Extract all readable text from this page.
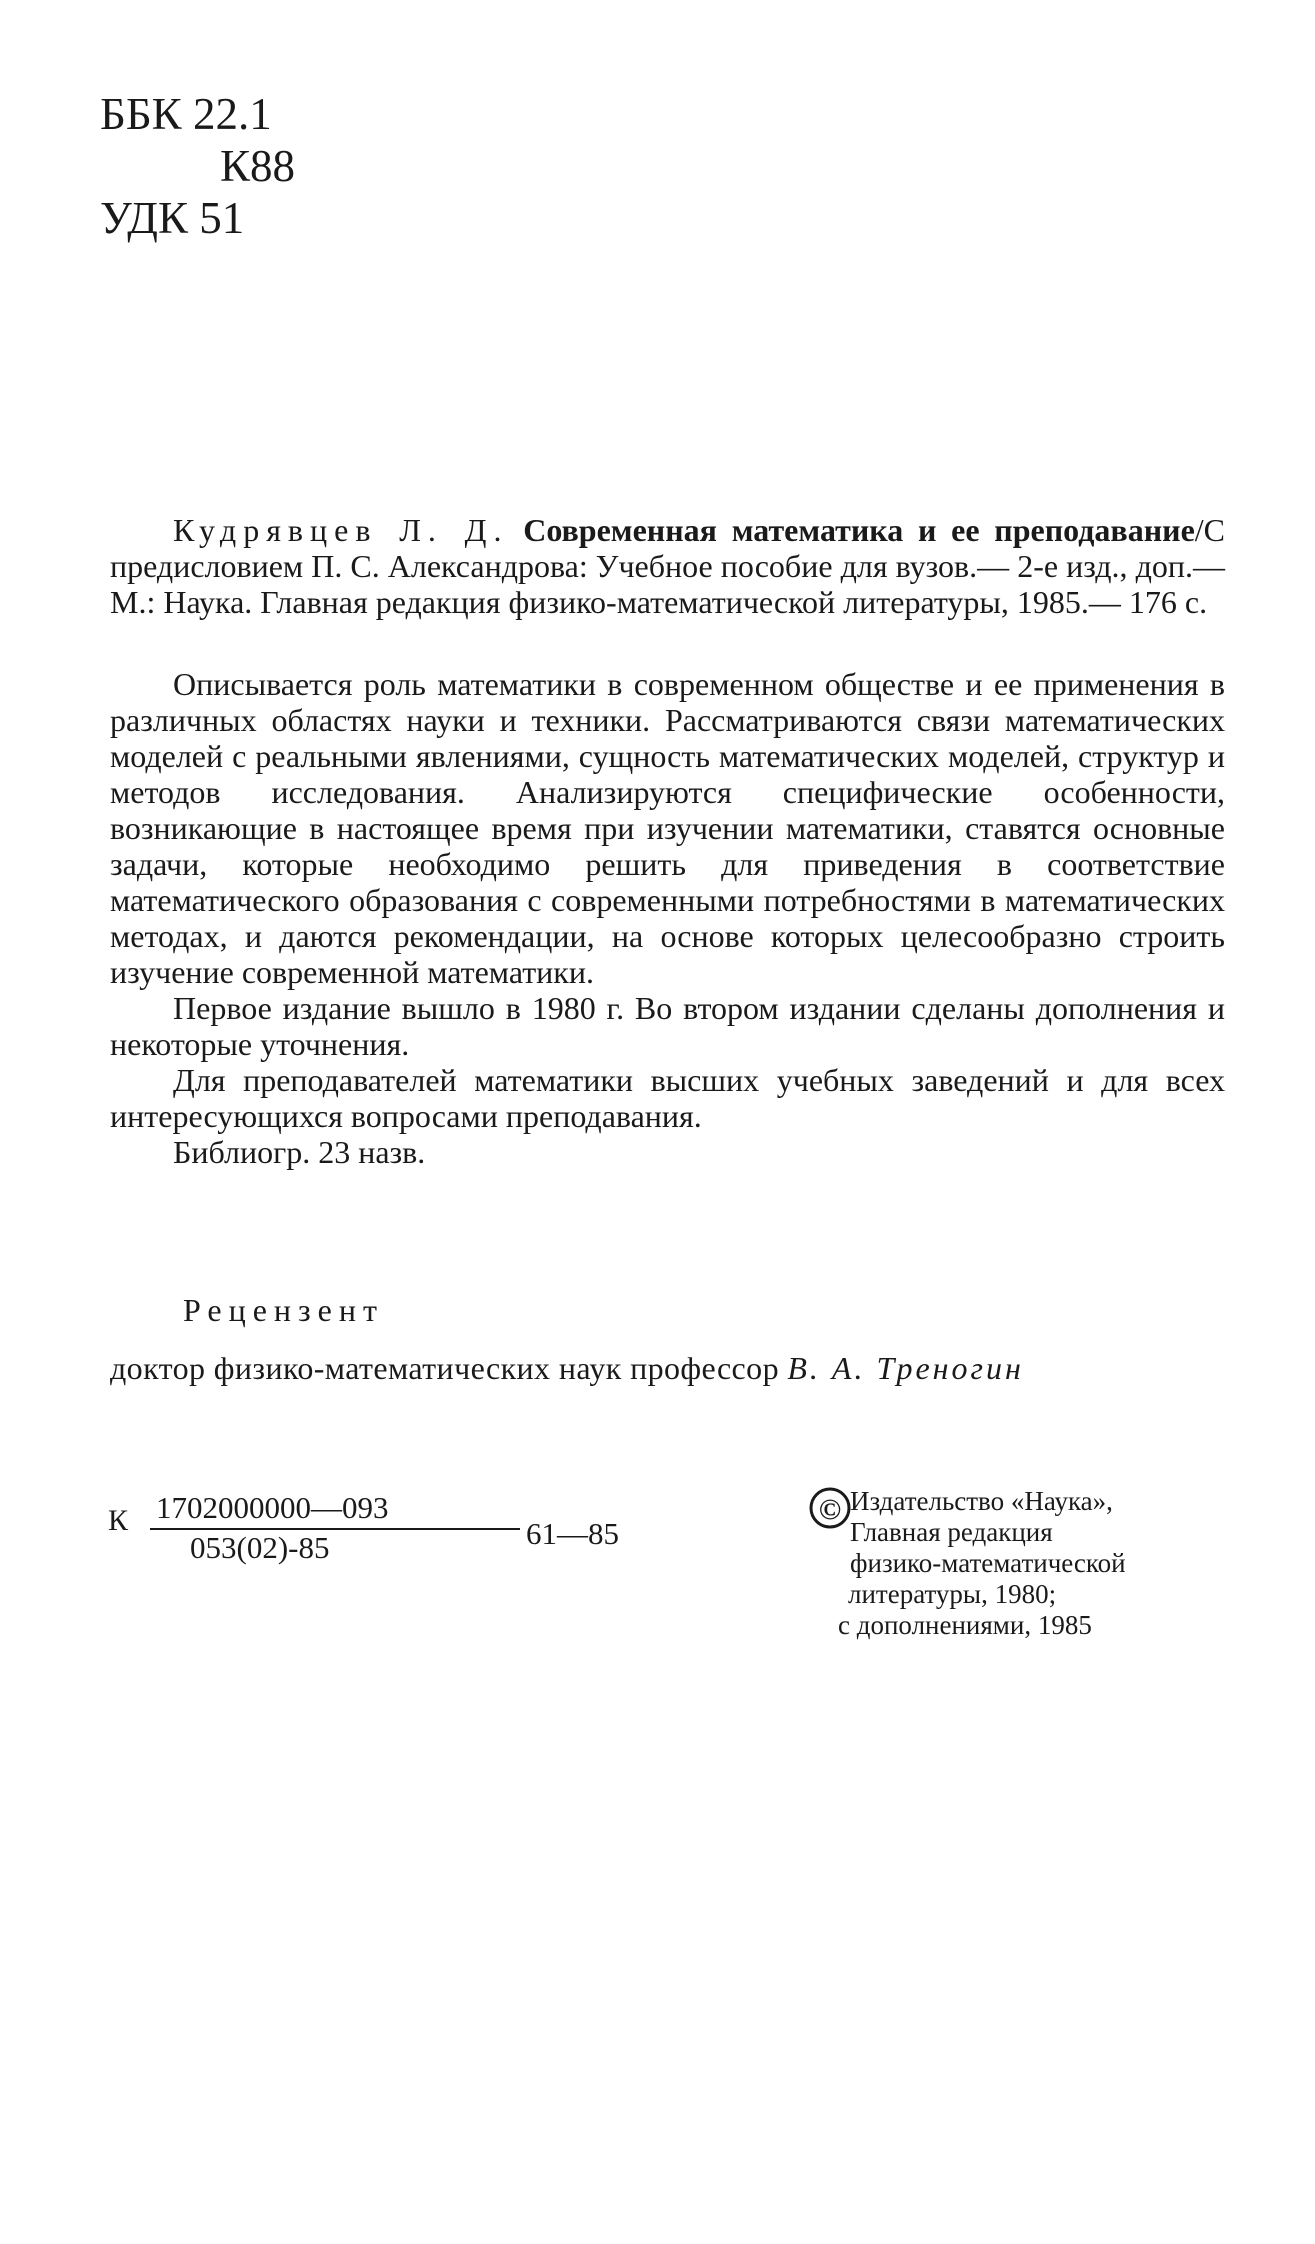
ББК 22.1
К88
УДК 51

Кудрявцев Л. Д. Современная математика и ее преподавание/С предисловием П. С. Александрова: Учебное пособие для вузов.— 2-е изд., доп.— М.: Наука. Главная редакция физико-математической литературы, 1985.— 176 с.

Описывается роль математики в современном обществе и ее применения в различных областях науки и техники. Рассматриваются связи математических моделей с реальными явлениями, сущность математических моделей, структур и методов исследования. Анализируются специфические особенности, возникающие в настоящее время при изучении математики, ставятся основные задачи, которые необходимо решить для приведения в соответствие математического образования с современными потребностями в математических методах, и даются рекомендации, на основе которых целесообразно строить изучение современной математики.

Первое издание вышло в 1980 г. Во втором издании сделаны дополнения и некоторые уточнения.

Для преподавателей математики высших учебных заведений и для всех интересующихся вопросами преподавания.

Библиогр. 23 назв.

Рецензент
доктор физико-математических наук профессор В. А. Треногин
К $\frac{1702000000—093}{053(02)-85}$ 61—85
© Издательство «Наука»,
Главная редакция
физико-математической
литературы, 1980;
с дополнениями, 1985
